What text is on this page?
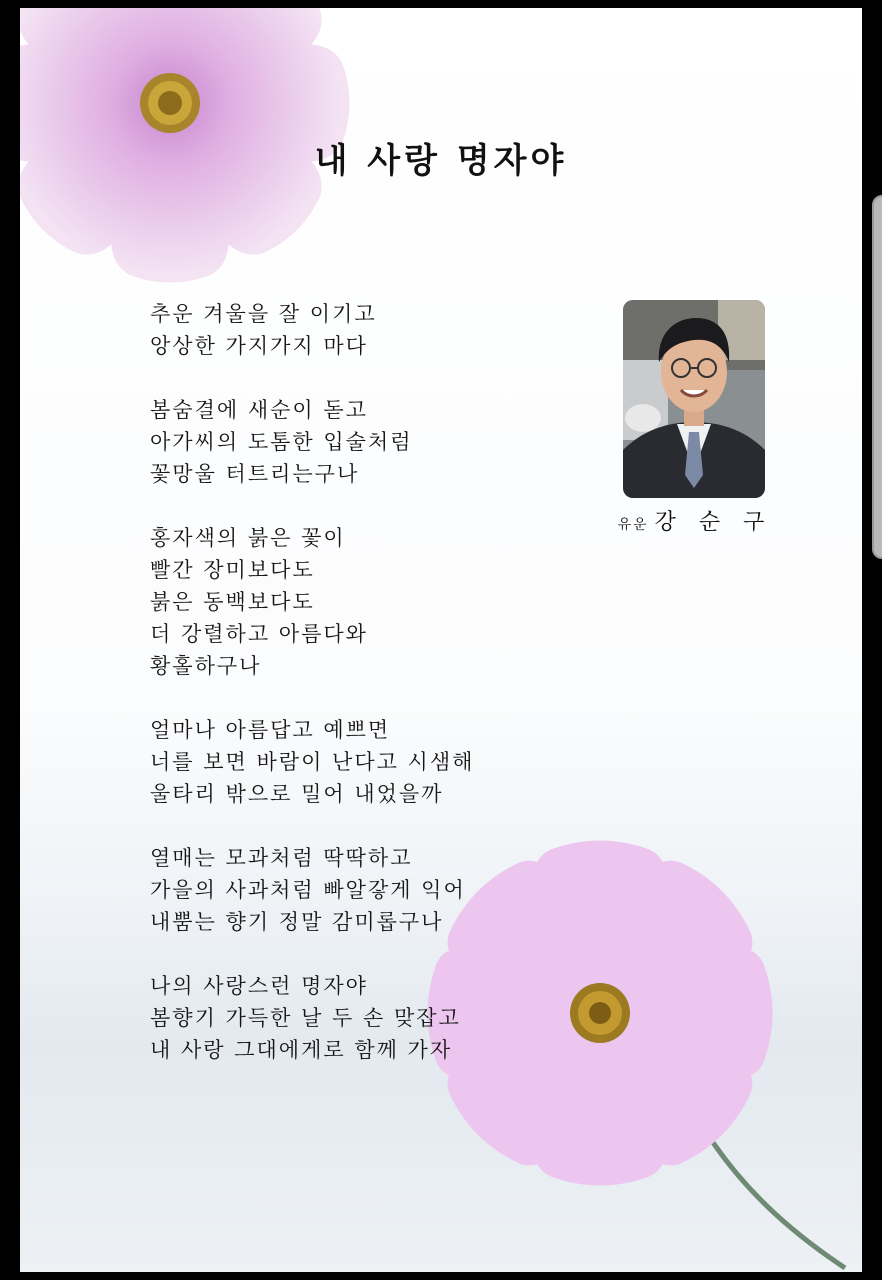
내 사랑 명자야
추운 겨울을 잘 이기고
앙상한 가지가지 마다
봄숨결에 새순이 돋고
아가씨의 도톰한 입술처럼
꽃망울 터트리는구나
홍자색의 붉은 꽃이
빨간 장미보다도
붉은 동백보다도
더 강렬하고 아름다와
황홀하구나
얼마나 아름답고 예쁘면
너를 보면 바람이 난다고 시샘해
울타리 밖으로 밀어 내었을까
열매는 모과처럼 딱딱하고
가을의 사과처럼 빠알갛게 익어
내뿜는 향기 정말 감미롭구나
나의 사랑스런 명자야
봄향기 가득한 날 두 손 맞잡고
내 사랑 그대에게로 함께 가자
유운 강 순 구
